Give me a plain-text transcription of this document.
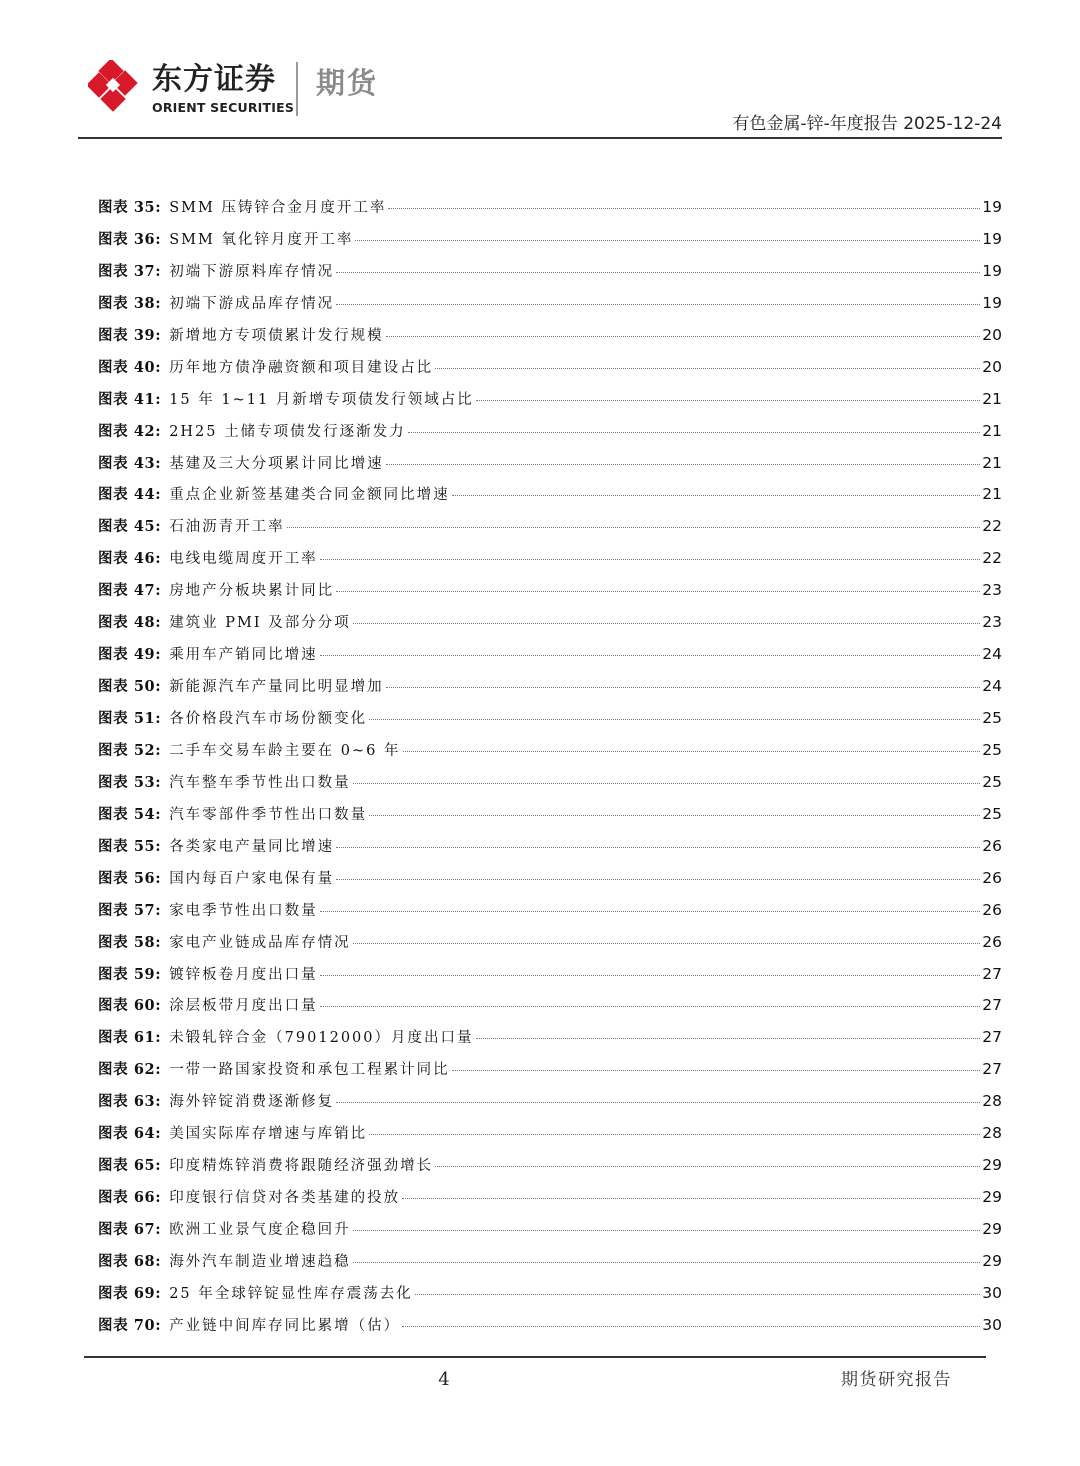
东方证券
ORIENT SECURITIES
期货
有色金属-锌-年度报告 2025-12-24
图表 35: SMM 压铸锌合金月度开工率	19
图表 36: SMM 氧化锌月度开工率	19
图表 37: 初端下游原料库存情况	19
图表 38: 初端下游成品库存情况	19
图表 39: 新增地方专项债累计发行规模	20
图表 40: 历年地方债净融资额和项目建设占比	20
图表 41: 15 年 1~11 月新增专项债发行领域占比	21
图表 42: 2H25 土储专项债发行逐渐发力	21
图表 43: 基建及三大分项累计同比增速	21
图表 44: 重点企业新签基建类合同金额同比增速	21
图表 45: 石油沥青开工率	22
图表 46: 电线电缆周度开工率	22
图表 47: 房地产分板块累计同比	23
图表 48: 建筑业 PMI 及部分分项	23
图表 49: 乘用车产销同比增速	24
图表 50: 新能源汽车产量同比明显增加	24
图表 51: 各价格段汽车市场份额变化	25
图表 52: 二手车交易车龄主要在 0~6 年	25
图表 53: 汽车整车季节性出口数量	25
图表 54: 汽车零部件季节性出口数量	25
图表 55: 各类家电产量同比增速	26
图表 56: 国内每百户家电保有量	26
图表 57: 家电季节性出口数量	26
图表 58: 家电产业链成品库存情况	26
图表 59: 镀锌板卷月度出口量	27
图表 60: 涂层板带月度出口量	27
图表 61: 未锻轧锌合金（79012000）月度出口量	27
图表 62: 一带一路国家投资和承包工程累计同比	27
图表 63: 海外锌锭消费逐渐修复	28
图表 64: 美国实际库存增速与库销比	28
图表 65: 印度精炼锌消费将跟随经济强劲增长	29
图表 66: 印度银行信贷对各类基建的投放	29
图表 67: 欧洲工业景气度企稳回升	29
图表 68: 海外汽车制造业增速趋稳	29
图表 69: 25 年全球锌锭显性库存震荡去化	30
图表 70: 产业链中间库存同比累增（估）	30
4	期货研究报告
